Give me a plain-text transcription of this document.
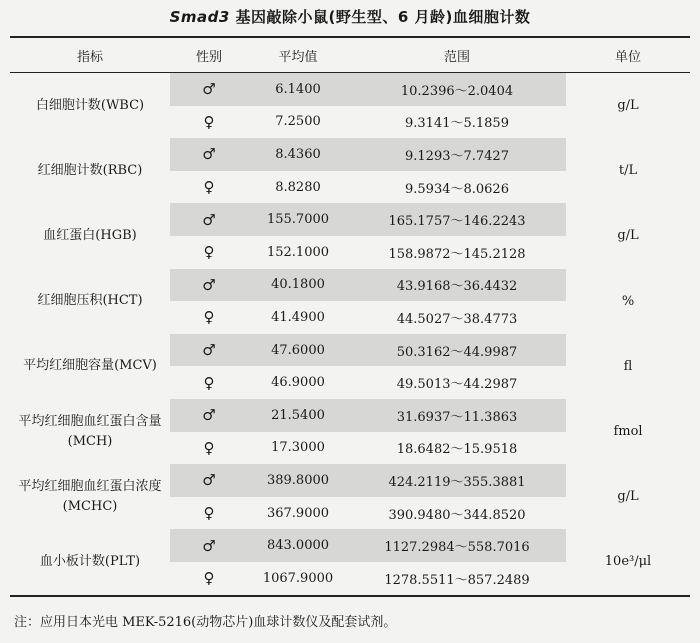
Smad3 基因敲除小鼠(野生型、6 月龄)血细胞计数
指标	性别	平均值	范围	单位
白细胞计数(WBC)	♂	6.1400	10.2396～2.0404	g/L
	♀	7.2500	9.3141～5.1859	
红细胞计数(RBC)	♂	8.4360	9.1293～7.7427	t/L
	♀	8.8280	9.5934～8.0626	
血红蛋白(HGB)	♂	155.7000	165.1757～146.2243	g/L
	♀	152.1000	158.9872～145.2128	
红细胞压积(HCT)	♂	40.1800	43.9168～36.4432	%
	♀	41.4900	44.5027～38.4773	
平均红细胞容量(MCV)	♂	47.6000	50.3162～44.9987	fl
	♀	46.9000	49.5013～44.2987	
平均红细胞血红蛋白含量(MCH)	♂	21.5400	31.6937～11.3863	fmol
	♀	17.3000	18.6482～15.9518	
平均红细胞血红蛋白浓度(MCHC)	♂	389.8000	424.2119～355.3881	g/L
	♀	367.9000	390.9480～344.8520	
血小板计数(PLT)	♂	843.0000	1127.2984～558.7016	10e³/μl
	♀	1067.9000	1278.5511～857.2489	
注：应用日本光电 MEK-5216(动物芯片)血球计数仪及配套试剂。
